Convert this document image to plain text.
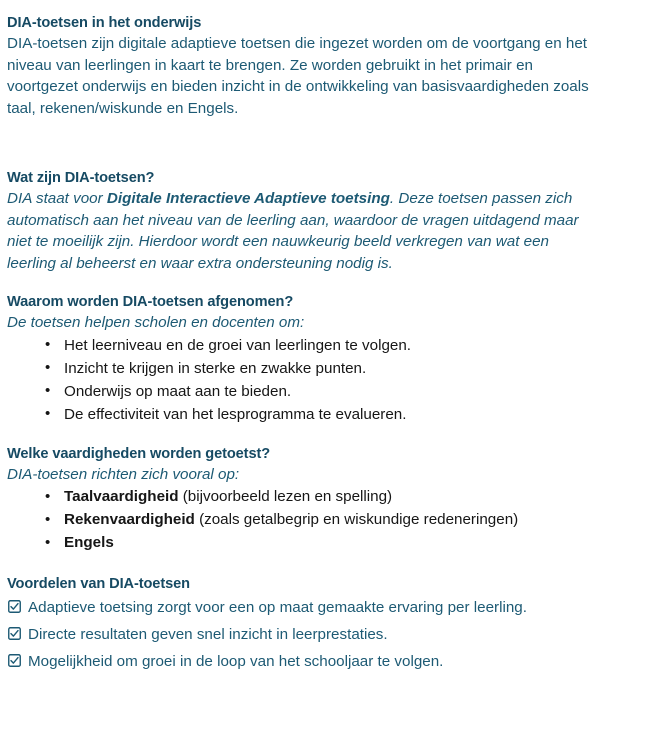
DIA-toetsen in het onderwijs

DIA-toetsen zijn digitale adaptieve toetsen die ingezet worden om de voortgang en het niveau van leerlingen in kaart te brengen. Ze worden gebruikt in het primair en voortgezet onderwijs en bieden inzicht in de ontwikkeling van basisvaardigheden zoals taal, rekenen/wiskunde en Engels.

Wat zijn DIA-toetsen?

DIA staat voor Digitale Interactieve Adaptieve toetsing. Deze toetsen passen zich automatisch aan het niveau van de leerling aan, waardoor de vragen uitdagend maar niet te moeilijk zijn. Hierdoor wordt een nauwkeurig beeld verkregen van wat een leerling al beheerst en waar extra ondersteuning nodig is.

Waarom worden DIA-toetsen afgenomen?

De toetsen helpen scholen en docenten om:

• Het leerniveau en de groei van leerlingen te volgen.
• Inzicht te krijgen in sterke en zwakke punten.
• Onderwijs op maat aan te bieden.
• De effectiviteit van het lesprogramma te evalueren.
Welke vaardigheden worden getoetst?

DIA-toetsen richten zich vooral op:

• Taalvaardigheid (bijvoorbeeld lezen en spelling)
• Rekenvaardigheid (zoals getalbegrip en wiskundige redeneringen)
• Engels
Voordelen van DIA-toetsen
Adaptieve toetsing zorgt voor een op maat gemaakte ervaring per leerling.
Directe resultaten geven snel inzicht in leerprestaties.
Mogelijkheid om groei in de loop van het schooljaar te volgen.
